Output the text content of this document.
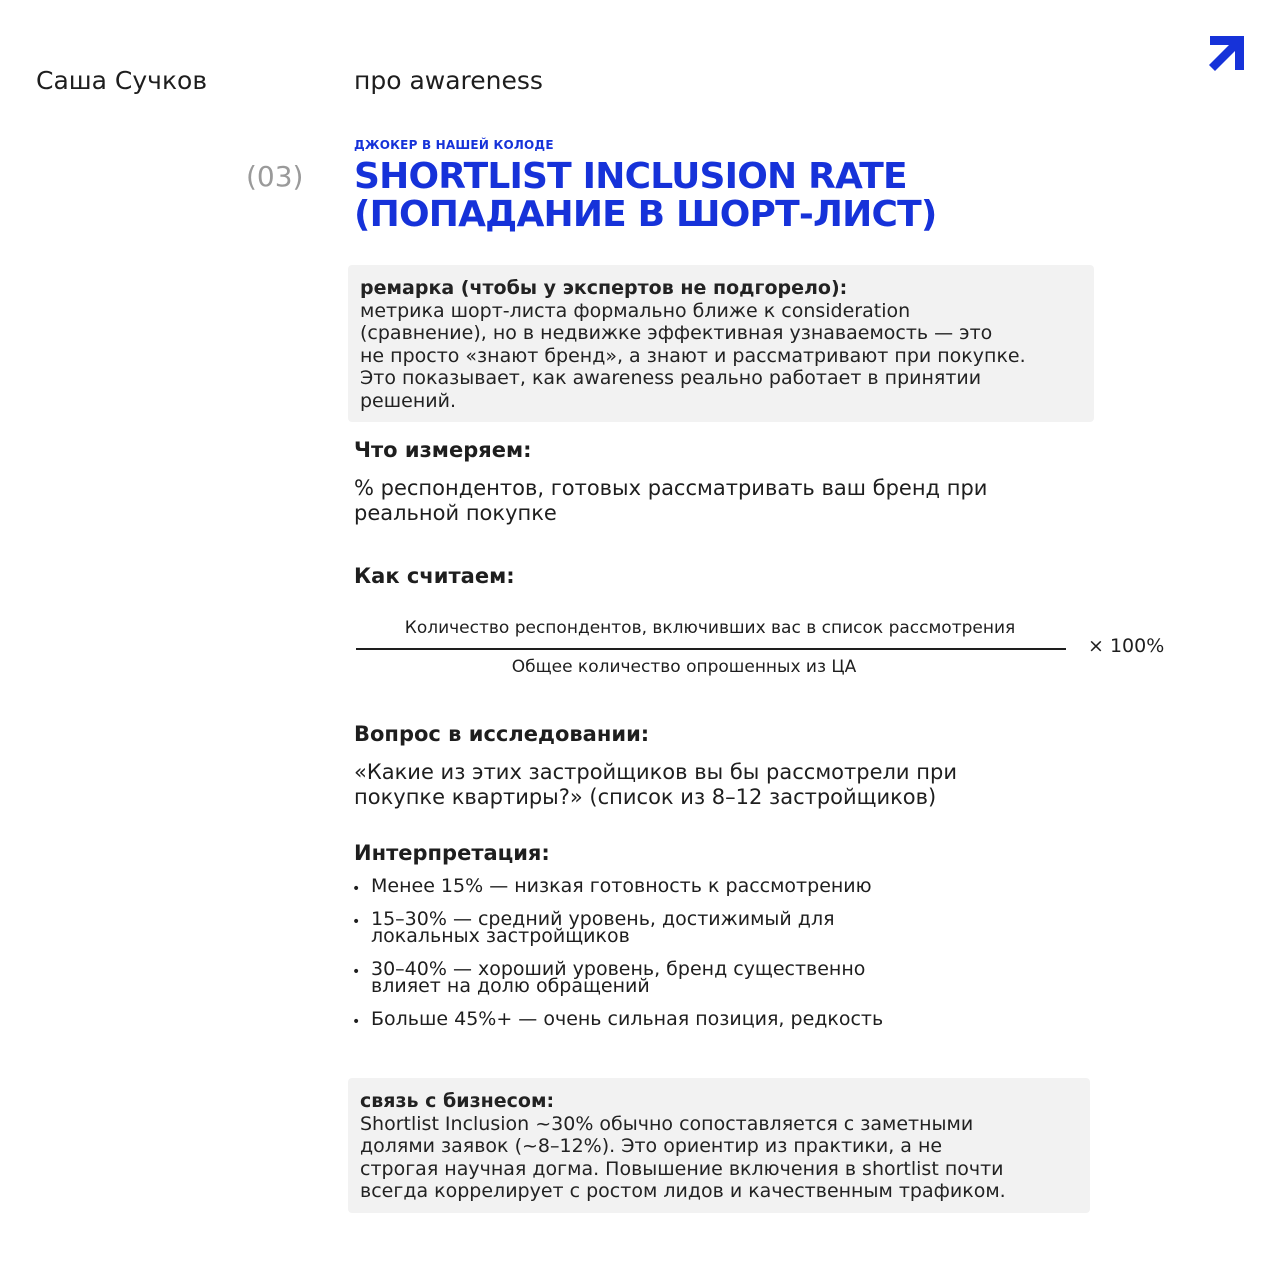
Саша Сучков	про awareness
ДЖОКЕР В НАШЕЙ КОЛОДЕ
(03) SHORTLIST INCLUSION RATE
(ПОПАДАНИЕ В ШОРТ-ЛИСТ)
ремарка (чтобы у экспертов не подгорело):
метрика шорт-листа формально ближе к consideration
(сравнение), но в недвижке эффективная узнаваемость — это
не просто «знают бренд», а знают и рассматривают при покупке.
Это показывает, как awareness реально работает в принятии
решений.
Что измеряем:
% респондентов, готовых рассматривать ваш бренд при
реальной покупке
Как считаем:
Количество респондентов, включивших вас в список рассмотрения
Общее количество опрошенных из ЦА
× 100%
Вопрос в исследовании:
«Какие из этих застройщиков вы бы рассмотрели при
покупке квартиры?» (список из 8–12 застройщиков)
Интерпретация:
• Менее 15% — низкая готовность к рассмотрению
• 15–30% — средний уровень, достижимый для
локальных застройщиков
• 30–40% — хороший уровень, бренд существенно
влияет на долю обращений
• Больше 45%+ — очень сильная позиция, редкость
связь с бизнесом:
Shortlist Inclusion ~30% обычно сопоставляется с заметными
долями заявок (~8–12%). Это ориентир из практики, а не
строгая научная догма. Повышение включения в shortlist почти
всегда коррелирует с ростом лидов и качественным трафиком.
